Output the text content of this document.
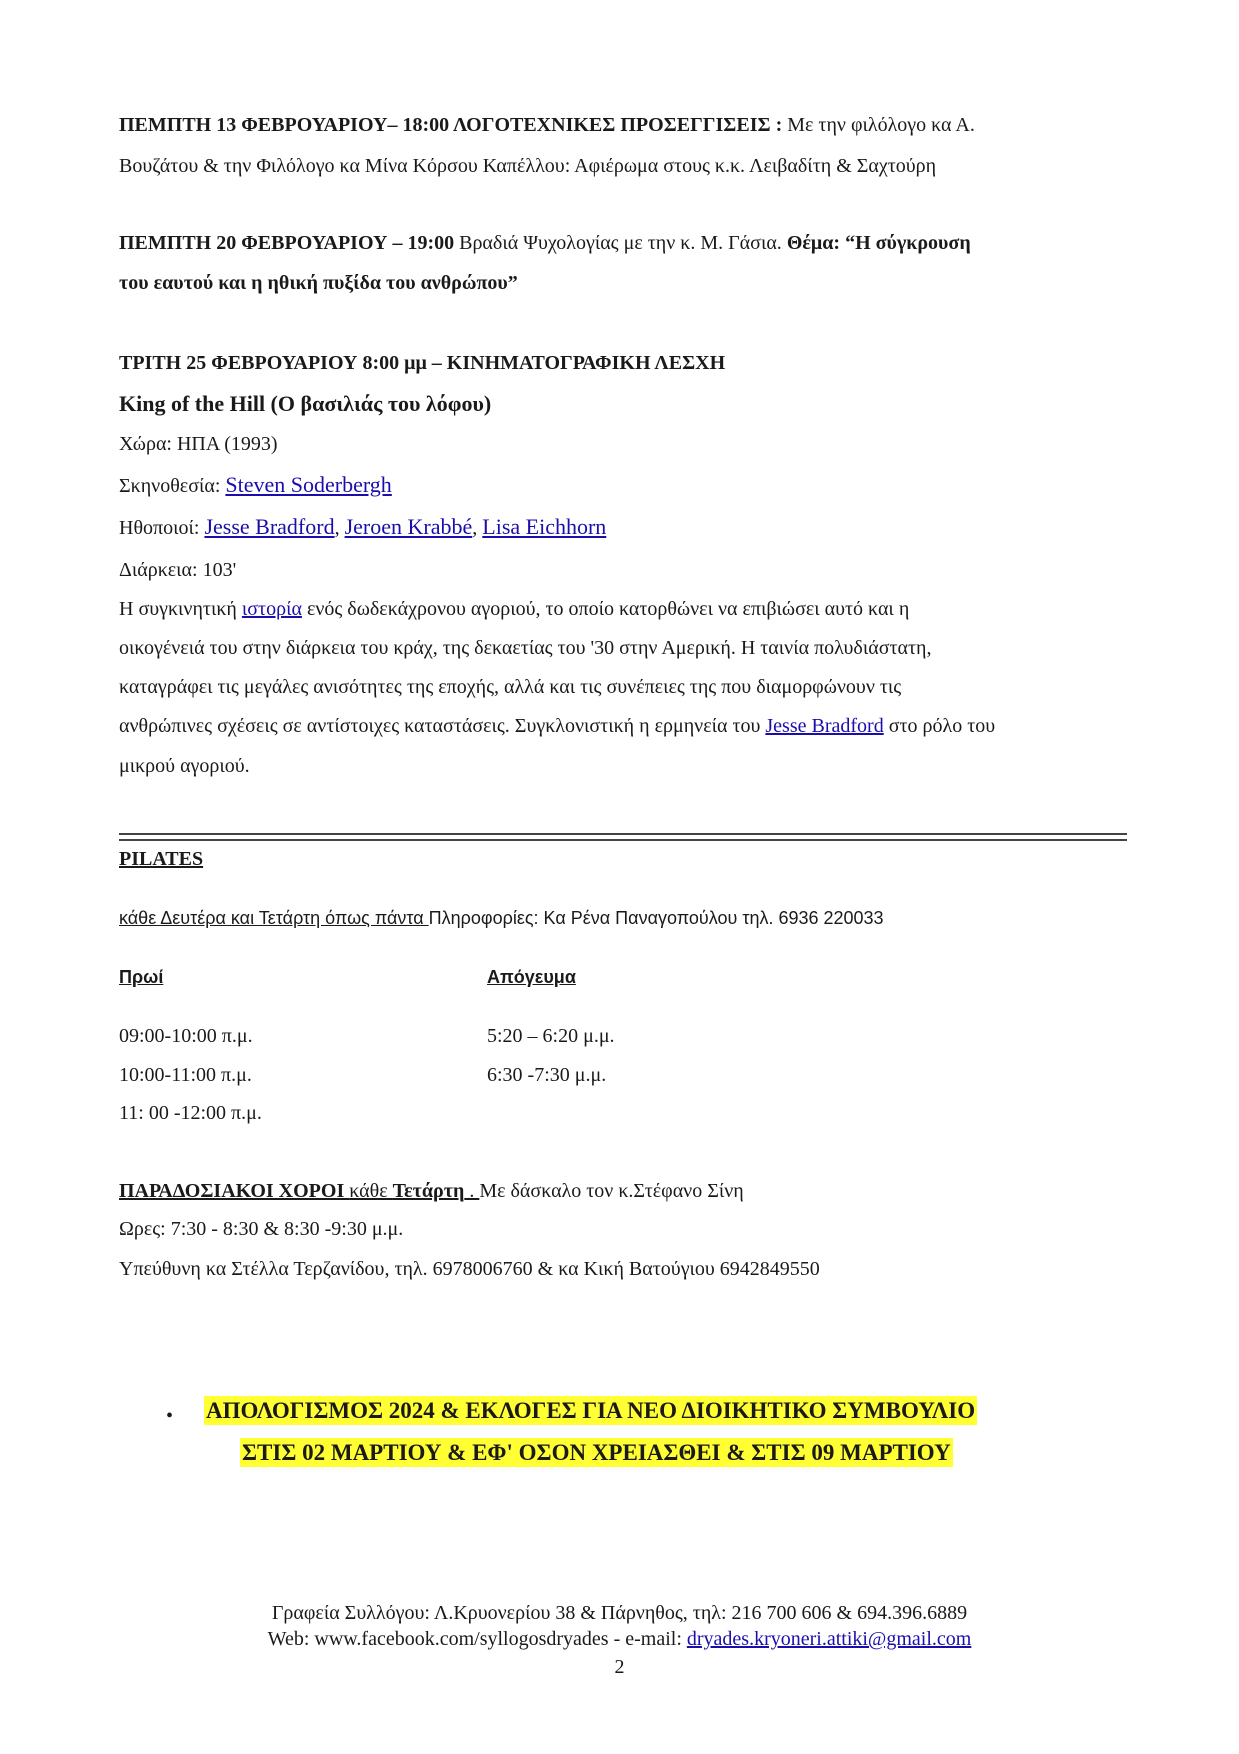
ΠΕΜΠΤΗ 13 ΦΕΒΡΟΥΑΡΙΟΥ– 18:00 ΛΟΓΟΤΕΧΝΙΚΕΣ ΠΡΟΣΕΓΓΙΣΕΙΣ : Με την φιλόλογο κα Α.

Βουζάτου & την Φιλόλογο κα Μίνα Κόρσου Καπέλλου: Αφιέρωμα στους κ.κ. Λειβαδίτη & Σαχτούρη

ΠΕΜΠΤΗ 20 ΦΕΒΡΟΥΑΡΙΟΥ – 19:00 Βραδιά Ψυχολογίας με την κ. Μ. Γάσια. Θέμα: “Η σύγκρουση

του εαυτού και η ηθική πυξίδα του ανθρώπου”

ΤΡΙΤΗ 25 ΦΕΒΡΟΥΑΡΙΟΥ 8:00 μμ – ΚΙΝΗΜΑΤΟΓΡΑΦΙΚΗ ΛΕΣΧΗ

King of the Hill (Ο βασιλιάς του λόφου)

Χώρα: ΗΠΑ (1993)

Σκηνοθεσία: Steven Soderbergh

Ηθοποιοί: Jesse Bradford, Jeroen Krabbé, Lisa Eichhorn

Διάρκεια: 103'

Η συγκινητική ιστορία ενός δωδεκάχρονου αγοριού, το οποίο κατορθώνει να επιβιώσει αυτό και η

οικογένειά του στην διάρκεια του κράχ, της δεκαετίας του '30 στην Αμερική. Η ταινία πολυδιάστατη,

καταγράφει τις μεγάλες ανισότητες της εποχής, αλλά και τις συνέπειες της που διαμορφώνουν τις

ανθρώπινες σχέσεις σε αντίστοιχες καταστάσεις. Συγκλονιστική η ερμηνεία του Jesse Bradford στο ρόλο του

μικρού αγοριού.

PILATES

κάθε Δευτέρα και Τετάρτη όπως πάντα Πληροφορίες: Κα Ρένα Παναγοπούλου τηλ. 6936 220033

Πρωί	Απόγευμα

09:00-10:00 π.μ.

10:00-11:00 π.μ.

11: 00 -12:00 π.μ.

5:20 – 6:20 μ.μ.

6:30 -7:30 μ.μ.

ΠΑΡΑΔΟΣΙΑΚΟΙ ΧΟΡΟΙ κάθε Τετάρτη . Με δάσκαλο τον κ.Στέφανο Σίνη

Ωρες: 7:30 - 8:30 & 8:30 -9:30 μ.μ.

Υπεύθυνη κα Στέλλα Τερζανίδου, τηλ. 6978006760 & κα Κική Βατούγιου 6942849550

• ΑΠΟΛΟΓΙΣΜΟΣ 2024 & ΕΚΛΟΓΕΣ ΓΙΑ ΝΕΟ ΔΙΟΙΚΗΤΙΚΟ ΣΥΜΒΟΥΛΙΟ

ΣΤΙΣ 02 ΜΑΡΤΙΟΥ & ΕΦ' ΟΣΟΝ ΧΡΕΙΑΣΘΕΙ & ΣΤΙΣ 09 ΜΑΡΤΙΟΥ

Γραφεία Συλλόγου: Λ.Κρυονερίου 38 & Πάρνηθος, τηλ: 216 700 606 & 694.396.6889
Web: www.facebook.com/syllogosdryades - e-mail: dryades.kryoneri.attiki@gmail.com
2
